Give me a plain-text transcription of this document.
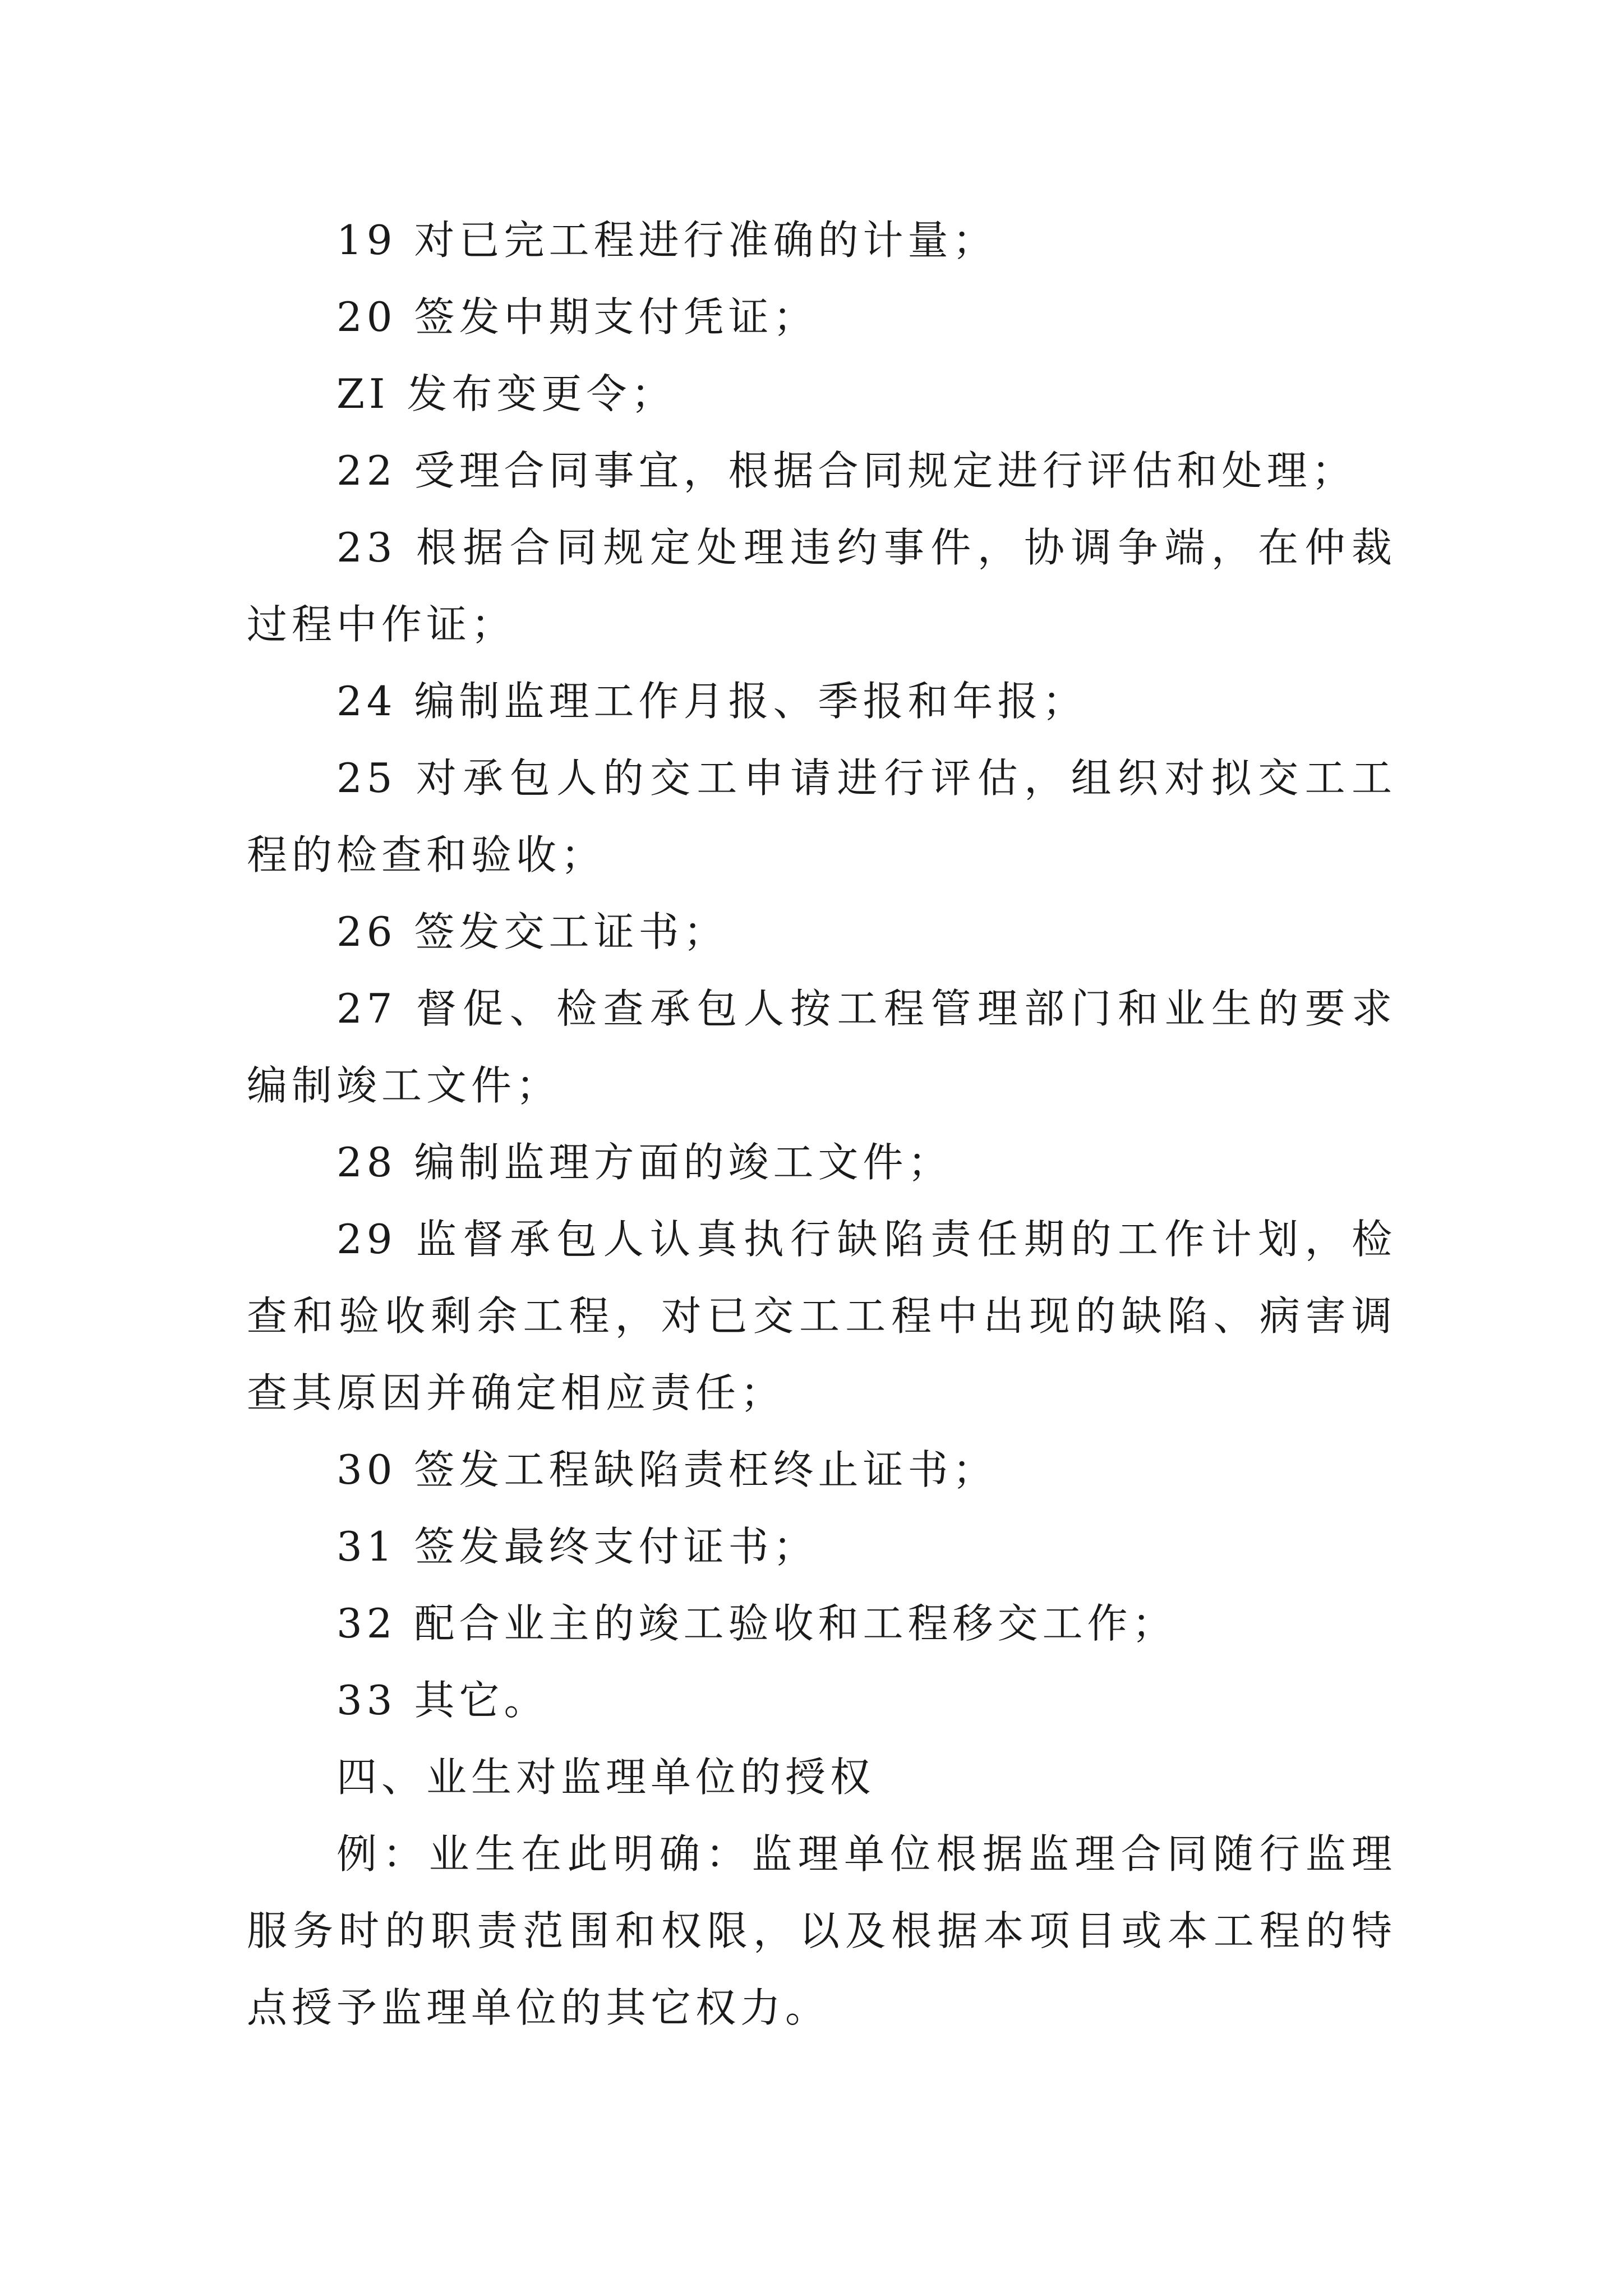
19 对已完工程进行准确的计量；

20 签发中期支付凭证；

ZI 发布变更令；

22 受理合同事宜，根据合同规定进行评估和处理；

23 根据合同规定处理违约事件，协调争端，在仲裁过程中作证；

24 编制监理工作月报、季报和年报；

25 对承包人的交工申请进行评估，组织对拟交工工程的检查和验收；

26 签发交工证书；

27 督促、检查承包人按工程管理部门和业生的要求编制竣工文件；

28 编制监理方面的竣工文件；

29 监督承包人认真执行缺陷责任期的工作计划，检查和验收剩余工程，对已交工工程中出现的缺陷、病害调查其原因并确定相应责任；

30 签发工程缺陷责枉终止证书；

31 签发最终支付证书；

32 配合业主的竣工验收和工程移交工作；

33 其它。

四、业生对监理单位的授权

例：业生在此明确：监理单位根据监理合同随行监理服务时的职责范围和权限，以及根据本项目或本工程的特点授予监理单位的其它权力。
